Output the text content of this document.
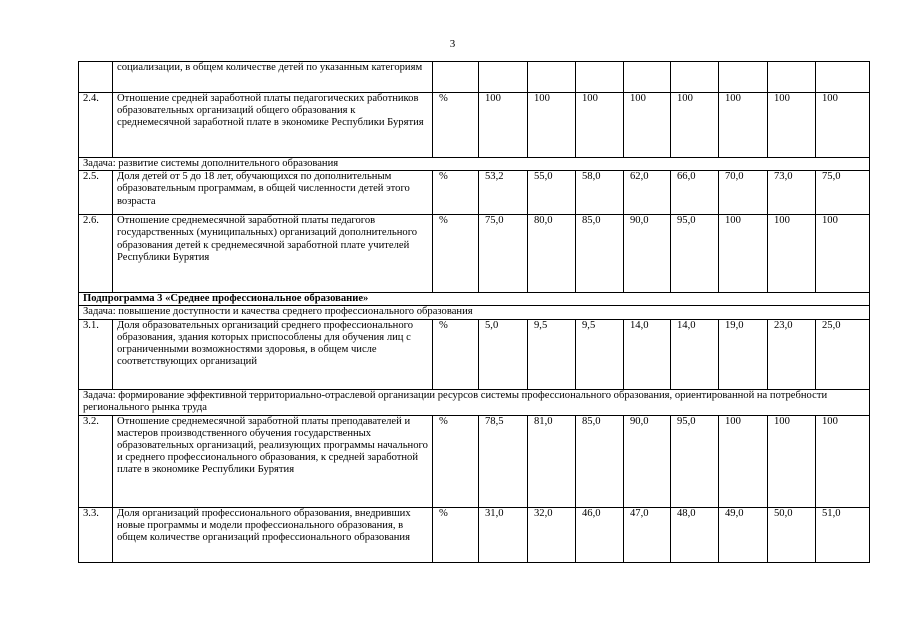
3
	социализации, в общем количестве детей по указанным категориям									
2.4.	Отношение средней заработной платы педагогических работников образовательных организаций общего образования к среднемесячной заработной плате в экономике Республики Бурятия	%	100	100	100	100	100	100	100	100
Задача: развитие системы дополнительного образования										
2.5.	Доля детей от 5 до 18 лет, обучающихся по дополнительным образовательным программам, в общей численности детей этого возраста	%	53,2	55,0	58,0	62,0	66,0	70,0	73,0	75,0
2.6.	Отношение среднемесячной заработной платы педагогов государственных (муниципальных) организаций дополнительного образования детей к среднемесячной заработной плате учителей Республики Бурятия	%	75,0	80,0	85,0	90,0	95,0	100	100	100
Подпрограмма 3 «Среднее профессиональное образование»										
Задача: повышение доступности и качества среднего профессионального образования										
3.1.	Доля образовательных организаций среднего профессионального образования, здания которых приспособлены для обучения лиц с ограниченными возможностями здоровья, в общем числе соответствующих организаций	%	5,0	9,5	9,5	14,0	14,0	19,0	23,0	25,0
Задача: формирование эффективной территориально-отраслевой организации ресурсов системы профессионального образования, ориентированной на потребности регионального рынка труда										
3.2.	Отношение среднемесячной заработной платы преподавателей и мастеров производственного обучения государственных образовательных организаций, реализующих программы начального и среднего профессионального образования, к средней заработной плате в экономике Республики Бурятия	%	78,5	81,0	85,0	90,0	95,0	100	100	100
3.3.	Доля организаций профессионального образования, внедривших новые программы и модели профессионального образования, в общем количестве организаций профессионального образования	%	31,0	32,0	46,0	47,0	48,0	49,0	50,0	51,0
